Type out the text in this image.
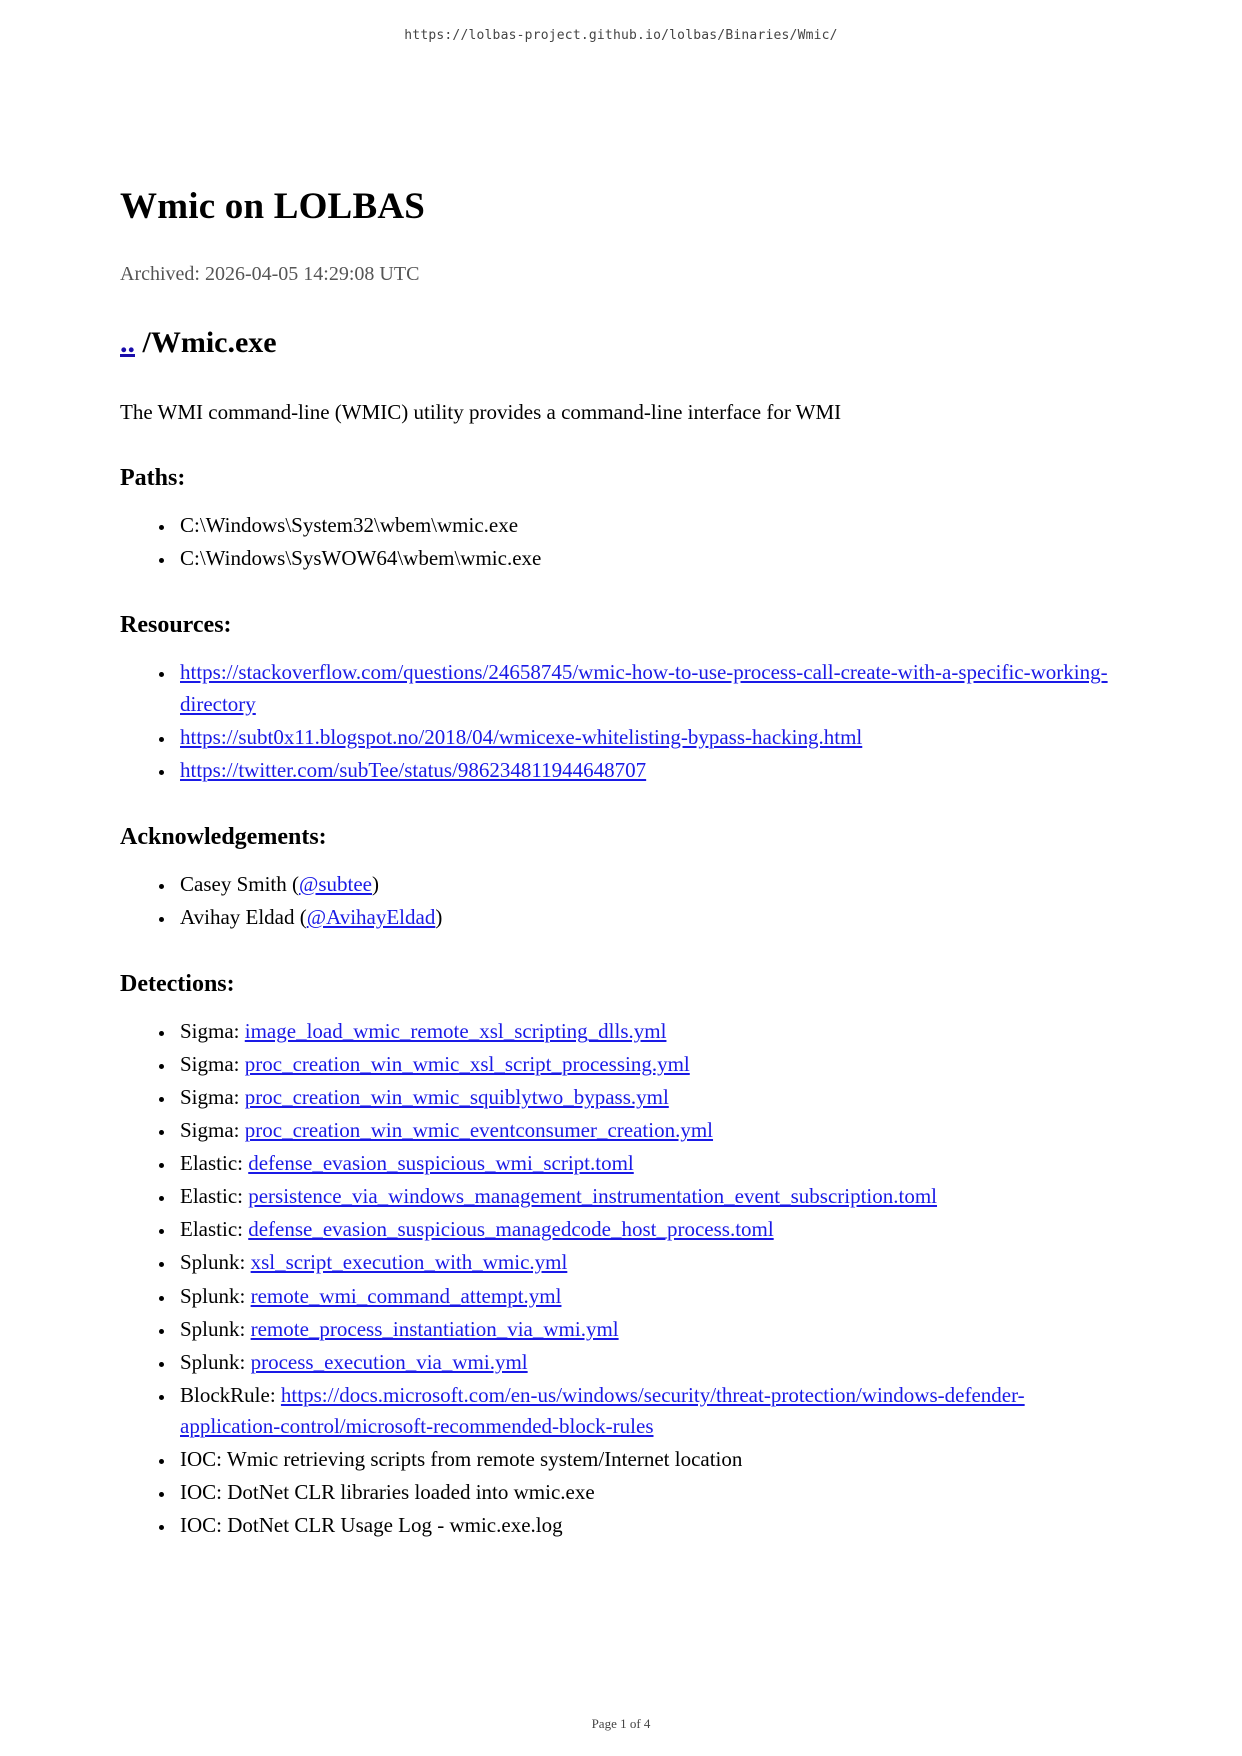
https://lolbas-project.github.io/lolbas/Binaries/Wmic/
Wmic on LOLBAS
Archived: 2026-04-05 14:29:08 UTC
.. /Wmic.exe

The WMI command-line (WMIC) utility provides a command-line interface for WMI

Paths:
• C:\Windows\System32\wbem\wmic.exe
• C:\Windows\SysWOW64\wbem\wmic.exe
Resources:
• https://stackoverflow.com/questions/24658745/wmic-how-to-use-process-call-create-with-a-specific-working-directory
• https://subt0x11.blogspot.no/2018/04/wmicexe-whitelisting-bypass-hacking.html
• https://twitter.com/subTee/status/986234811944648707
Acknowledgements:
• Casey Smith (@subtee)
• Avihay Eldad (@AvihayEldad)
Detections:
• Sigma: image_load_wmic_remote_xsl_scripting_dlls.yml
• Sigma: proc_creation_win_wmic_xsl_script_processing.yml
• Sigma: proc_creation_win_wmic_squiblytwo_bypass.yml
• Sigma: proc_creation_win_wmic_eventconsumer_creation.yml
• Elastic: defense_evasion_suspicious_wmi_script.toml
• Elastic: persistence_via_windows_management_instrumentation_event_subscription.toml
• Elastic: defense_evasion_suspicious_managedcode_host_process.toml
• Splunk: xsl_script_execution_with_wmic.yml
• Splunk: remote_wmi_command_attempt.yml
• Splunk: remote_process_instantiation_via_wmi.yml
• Splunk: process_execution_via_wmi.yml
• BlockRule: https://docs.microsoft.com/en-us/windows/security/threat-protection/windows-defender-application-control/microsoft-recommended-block-rules
• IOC: Wmic retrieving scripts from remote system/Internet location
• IOC: DotNet CLR libraries loaded into wmic.exe
• IOC: DotNet CLR Usage Log - wmic.exe.log
Page 1 of 4
